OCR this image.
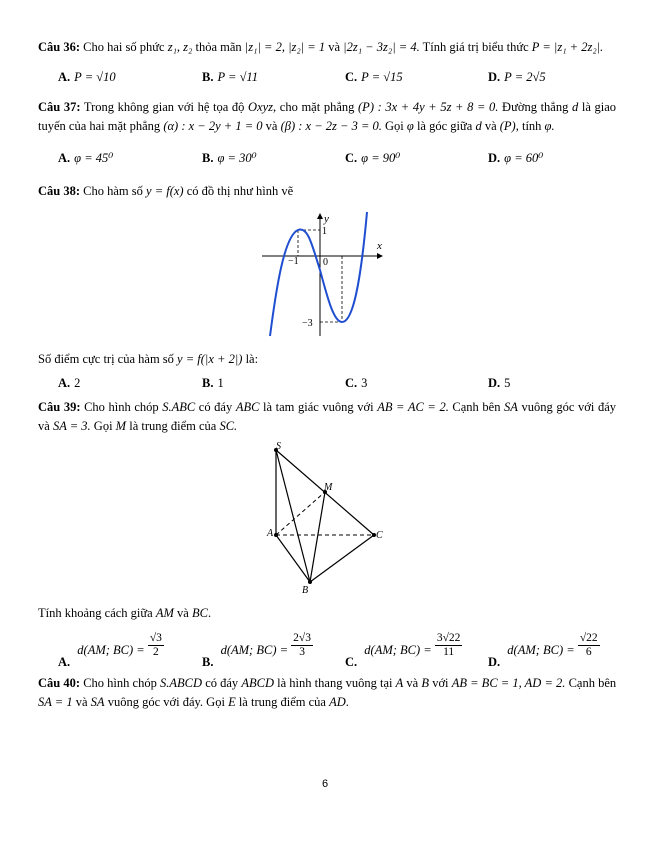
Câu 36: Cho hai số phức z₁, z₂ thỏa mãn |z₁| = 2, |z₂| = 1 và |2z₁ − 3z₂| = 4. Tính giá trị biểu thức P = |z₁ + 2z₂|.
A. P = √10	B. P = √11	C. P = √15	D. P = 2√5
Câu 37: Trong không gian với hệ tọa độ Oxyz, cho mặt phẳng (P) : 3x + 4y + 5z + 8 = 0. Đường thẳng d là giao tuyến của hai mặt phẳng (α) : x − 2y + 1 = 0 và (β) : x − 2z − 3 = 0. Gọi φ là góc giữa d và (P), tính φ.
A. φ = 45⁰	B. φ = 30⁰	C. φ = 90⁰	D. φ = 60⁰
Câu 38: Cho hàm số y = f(x) có đồ thị như hình vẽ
y
x
1
−1 0
−3
S
M
A	C
B
Số điểm cực trị của hàm số y = f(|x + 2|) là:
A. 2	B. 1	C. 3	D. 5
Câu 39: Cho hình chóp S.ABC có đáy ABC là tam giác vuông với AB = AC = 2. Cạnh bên SA vuông góc với đáy và SA = 3. Gọi M là trung điểm của SC.
Tính khoảng cách giữa AM và BC.
A. d(AM; $BC) = \frac{√3}{2}$
B. d(AM; $BC) = \frac{2√3}{3}$
C. d(AM; $BC) = \frac{3√22}{11}$
D. d(AM; $BC) = \frac{√22}{6}$
Câu 40: Cho hình chóp S.ABCD có đáy ABCD là hình thang vuông tại A và B với AB = BC = 1, AD = 2. Cạnh bên SA = 1 và SA vuông góc với đáy. Gọi E là trung điểm của AD.
6
